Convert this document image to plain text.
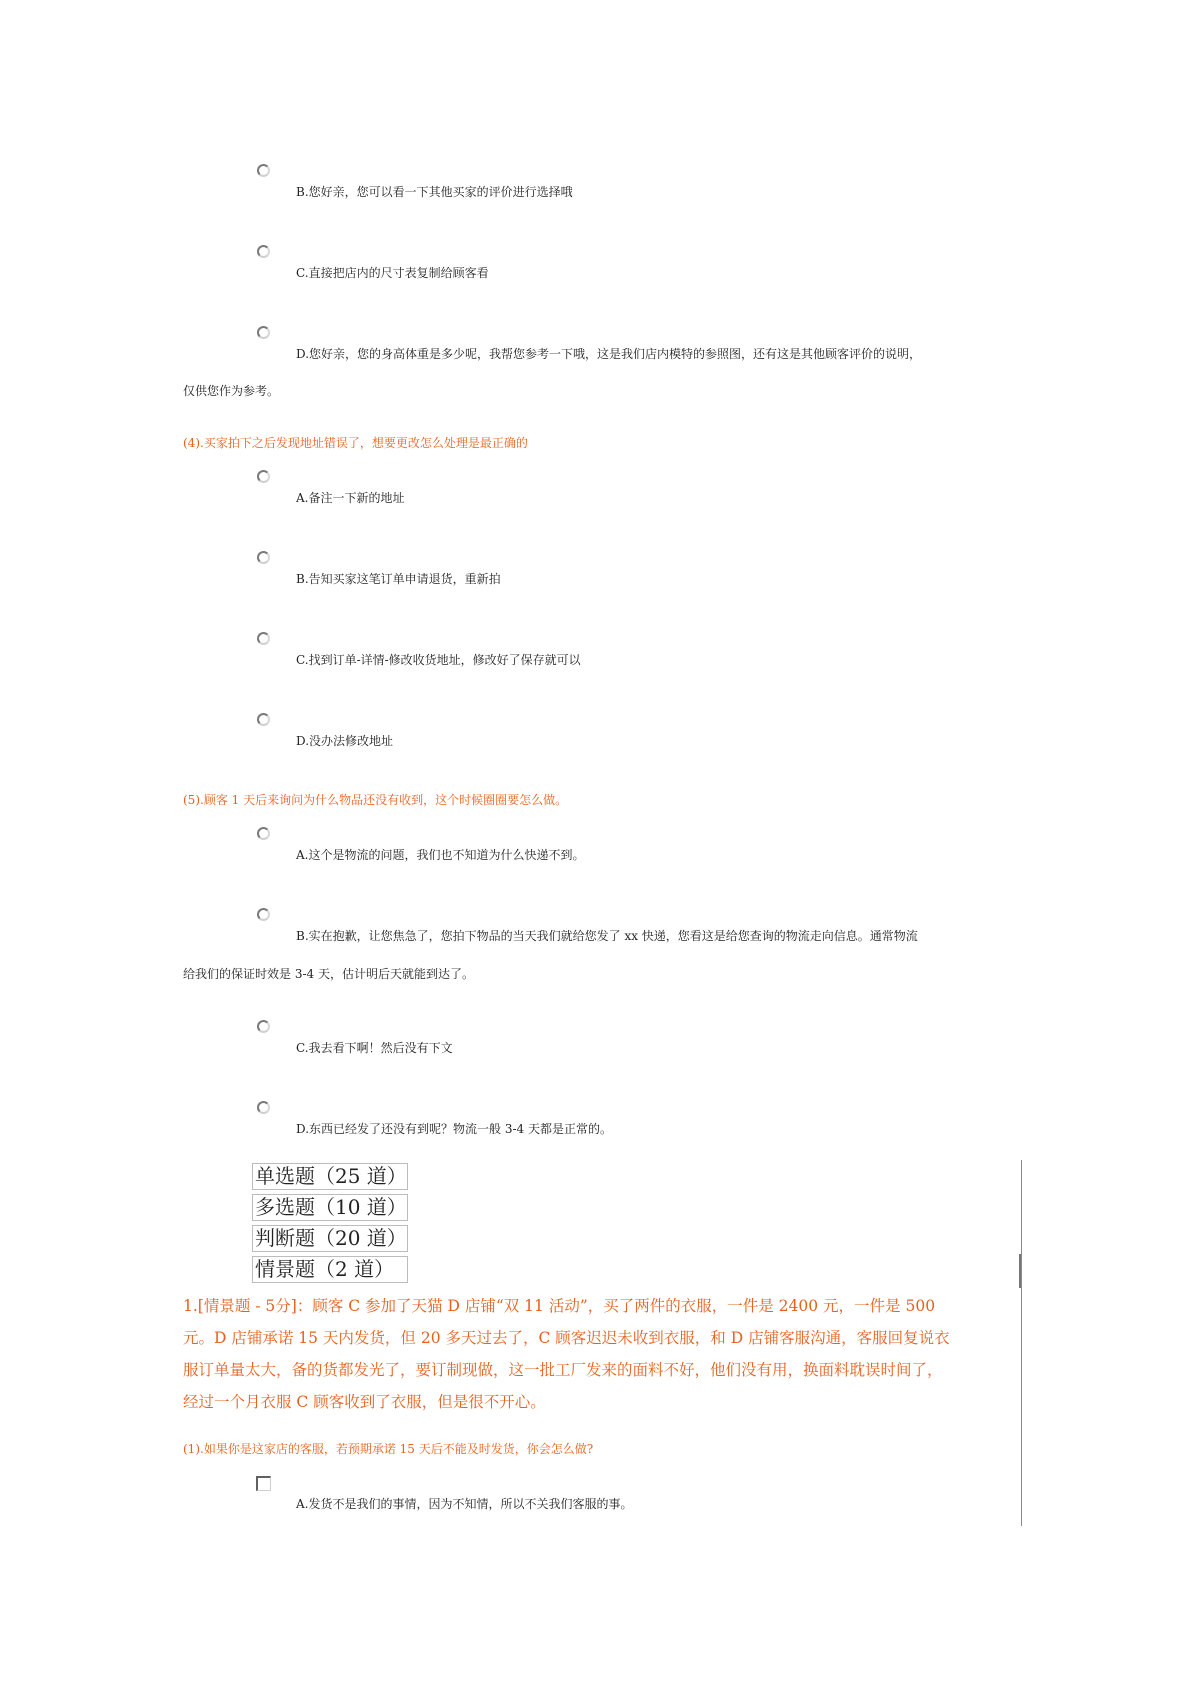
B.您好亲，您可以看一下其他买家的评价进行选择哦
C.直接把店内的尺寸表复制给顾客看
D.您好亲，您的身高体重是多少呢，我帮您参考一下哦，这是我们店内模特的参照图，还有这是其他顾客评价的说明，
仅供您作为参考。
(4).买家拍下之后发现地址错误了，想要更改怎么处理是最正确的
A.备注一下新的地址
B.告知买家这笔订单申请退货，重新拍
C.找到订单-详情-修改收货地址，修改好了保存就可以
D.没办法修改地址
(5).顾客 1 天后来询问为什么物品还没有收到，这个时候圈圈要怎么做。
A.这个是物流的问题，我们也不知道为什么快递不到。
B.实在抱歉，让您焦急了，您拍下物品的当天我们就给您发了 xx 快递，您看这是给您查询的物流走向信息。通常物流
给我们的保证时效是 3-4 天，估计明后天就能到达了。
C.我去看下啊！然后没有下文
D.东西已经发了还没有到呢？物流一般 3-4 天都是正常的。
单选题（25 道）
多选题（10 道）
判断题（20 道）
情景题（2 道）
1.[情景题 - 5分]：顾客 C 参加了天猫 D 店铺“双 11 活动”，买了两件的衣服，一件是 2400 元，一件是 500
元。D 店铺承诺 15 天内发货，但 20 多天过去了，C 顾客迟迟未收到衣服，和 D 店铺客服沟通，客服回复说衣
服订单量太大，备的货都发光了，要订制现做，这一批工厂发来的面料不好，他们没有用，换面料耽误时间了，
经过一个月衣服 C 顾客收到了衣服，但是很不开心。
(1).如果你是这家店的客服，若预期承诺 15 天后不能及时发货，你会怎么做?
A.发货不是我们的事情，因为不知情，所以不关我们客服的事。
